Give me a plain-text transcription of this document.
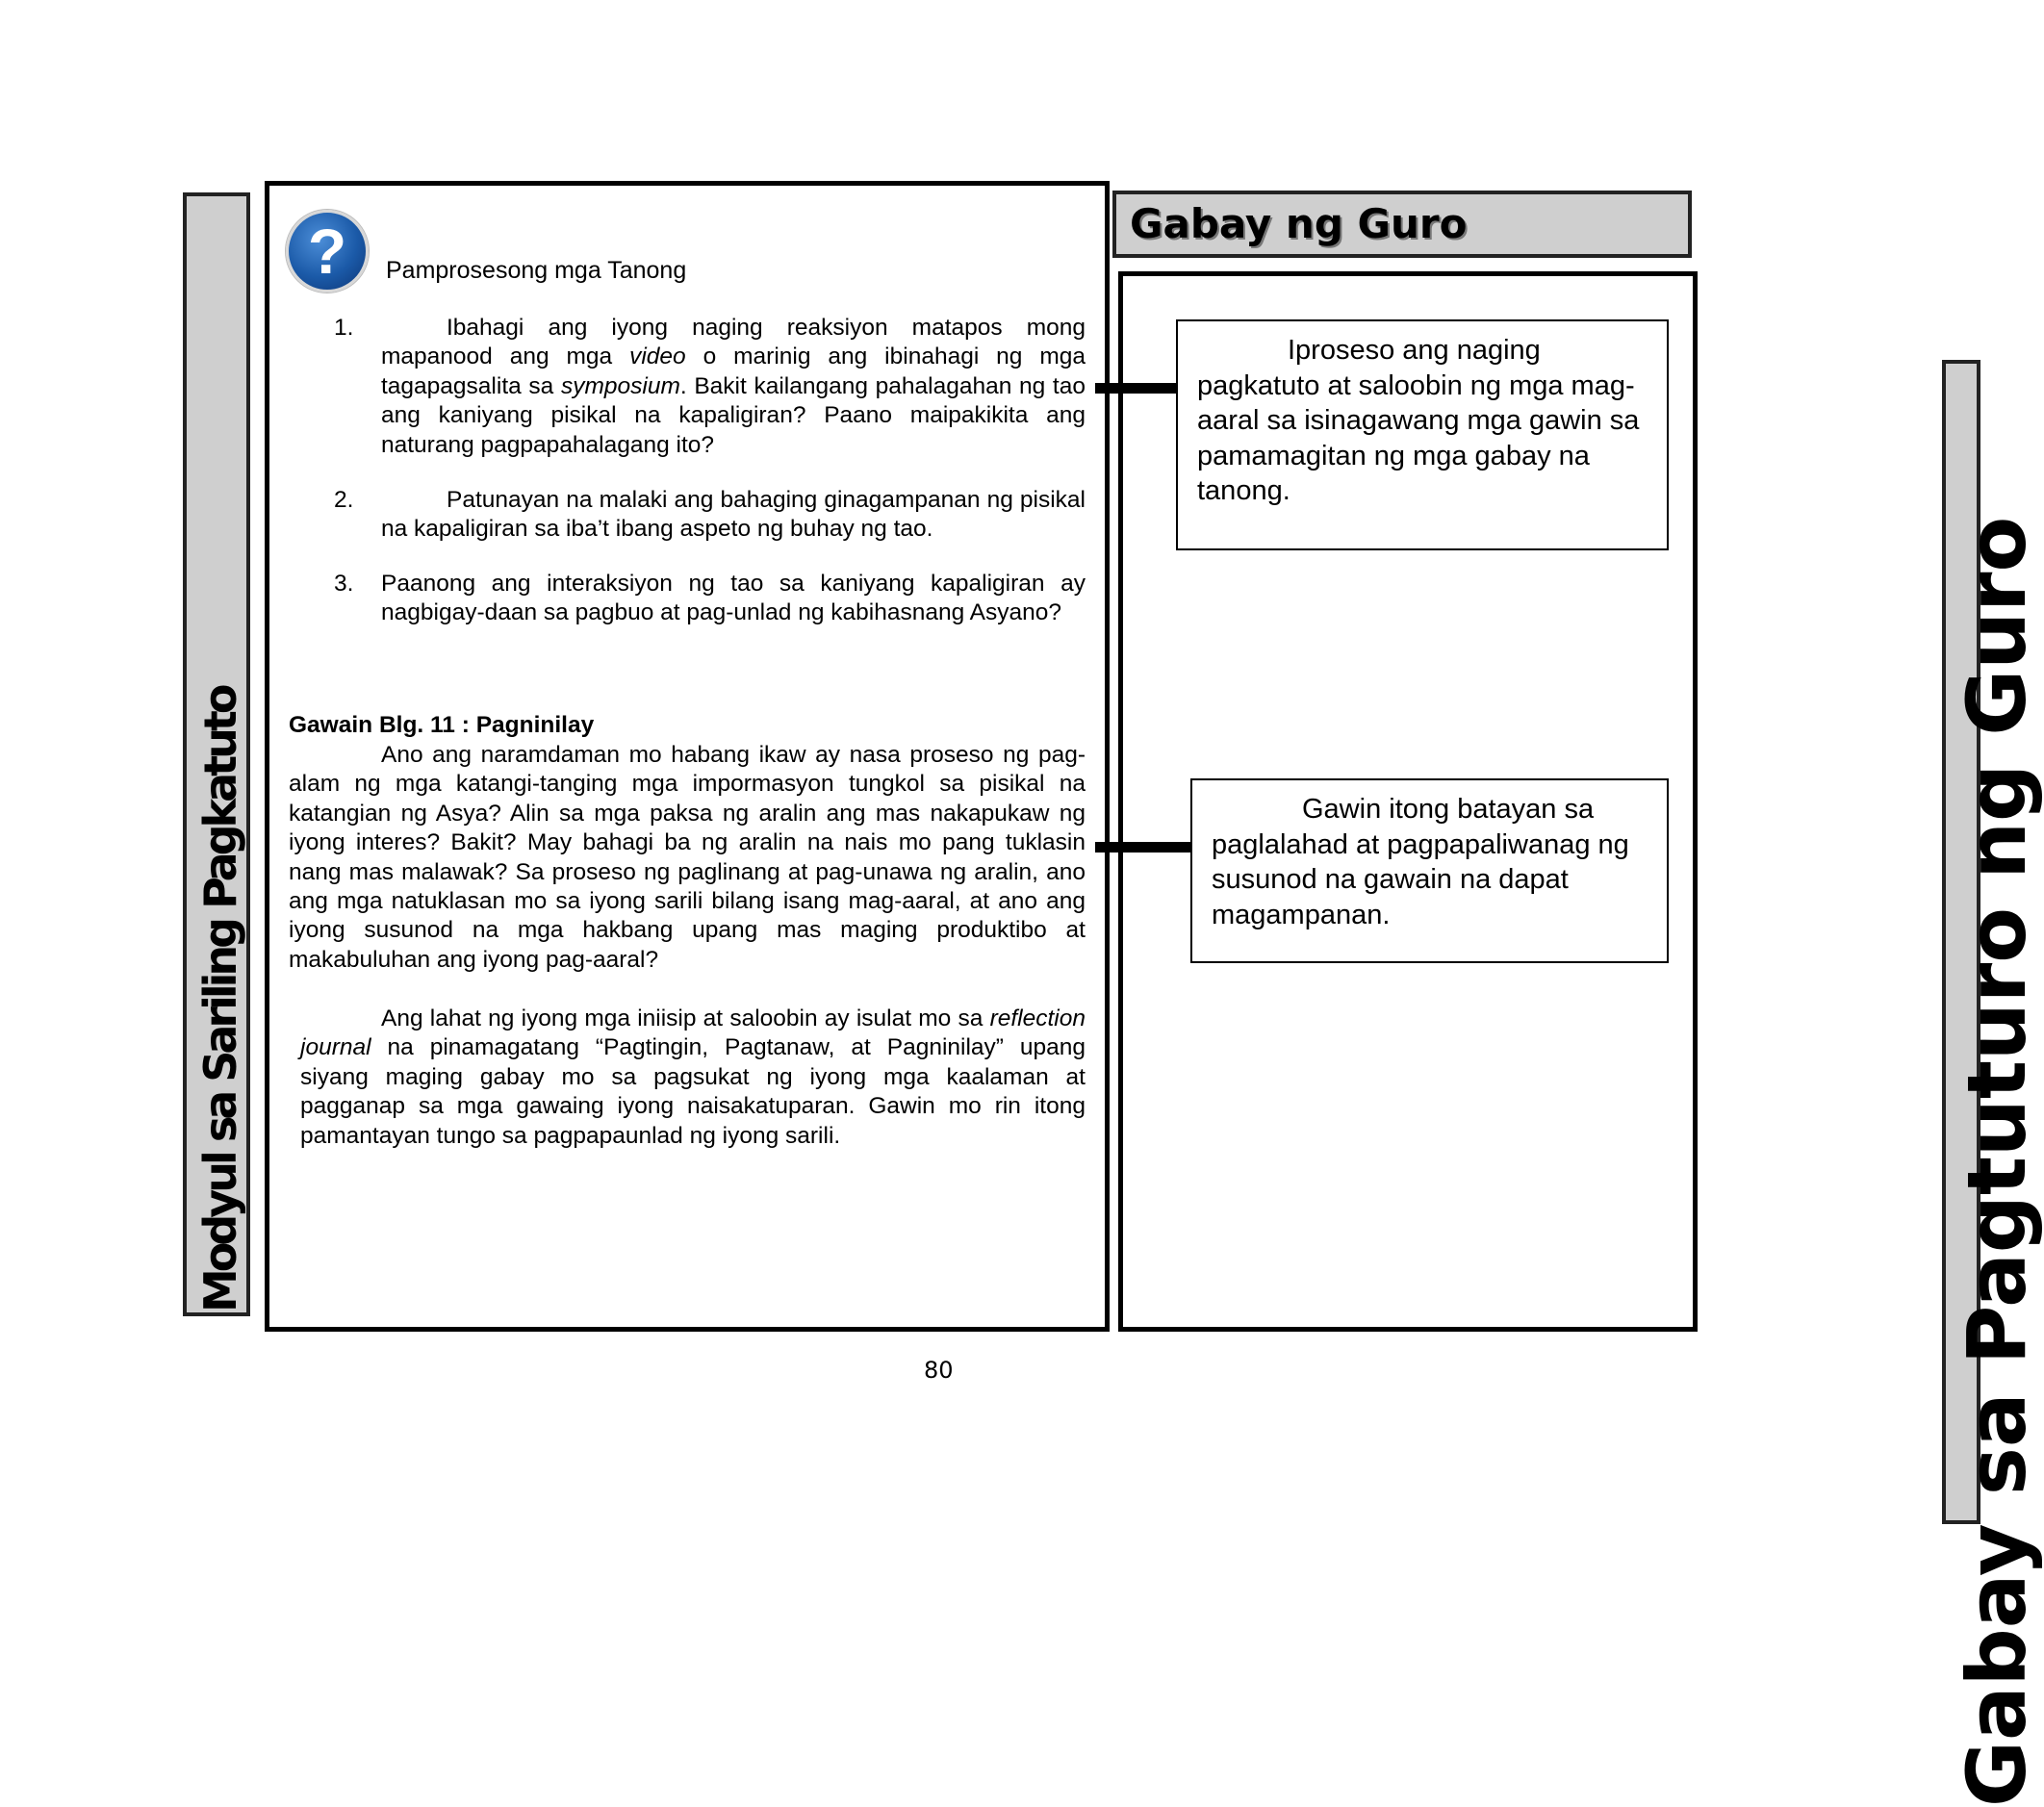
Modyul sa Sariling Pagkatuto
?	Pamprosesong mga Tanong
1.	Ibahagi ang iyong naging reaksiyon matapos mong mapanood ang mga video o marinig ang ibinahagi ng mga tagapagsalita sa symposium. Bakit kailangang pahalagahan ng tao ang kaniyang pisikal na kapaligiran? Paano maipakikita ang naturang pagpapahalagang ito?
2.	Patunayan na malaki ang bahaging ginagampanan ng pisikal na kapaligiran sa iba’t ibang aspeto ng buhay ng tao.
3. Paanong ang interaksiyon ng tao sa kaniyang kapaligiran ay nagbigay-daan sa pagbuo at pag-unlad ng kabihasnang Asyano?
Gawain Blg. 11 : Pagninilay
Ano ang naramdaman mo habang ikaw ay nasa proseso ng pag-alam ng mga katangi-tanging mga impormasyon tungkol sa pisikal na katangian ng Asya? Alin sa mga paksa ng aralin ang mas nakapukaw ng iyong interes? Bakit? May bahagi ba ng aralin na nais mo pang tuklasin nang mas malawak? Sa proseso ng paglinang at pag-unawa ng aralin, ano ang mga natuklasan mo sa iyong sarili bilang isang mag-aaral, at ano ang iyong susunod na mga hakbang upang mas maging produktibo at makabuluhan ang iyong pag-aaral?
Ang lahat ng iyong mga iniisip at saloobin ay isulat mo sa reflection journal na pinamagatang “Pagtingin, Pagtanaw, at Pagninilay” upang siyang maging gabay mo sa pagsukat ng iyong mga kaalaman at pagganap sa mga gawaing iyong naisakatuparan. Gawin mo rin itong pamantayan tungo sa pagpapaunlad ng iyong sarili.
80
Gabay ng Guro
Iproseso ang naging pagkatuto at saloobin ng mga mag-aaral sa isinagawang mga gawin sa pamamagitan ng mga gabay na tanong.
Gawin itong batayan sa paglalahad at pagpapaliwanag ng susunod na gawain na dapat magampanan.	Gabay sa Pagtuturo ng Guro
